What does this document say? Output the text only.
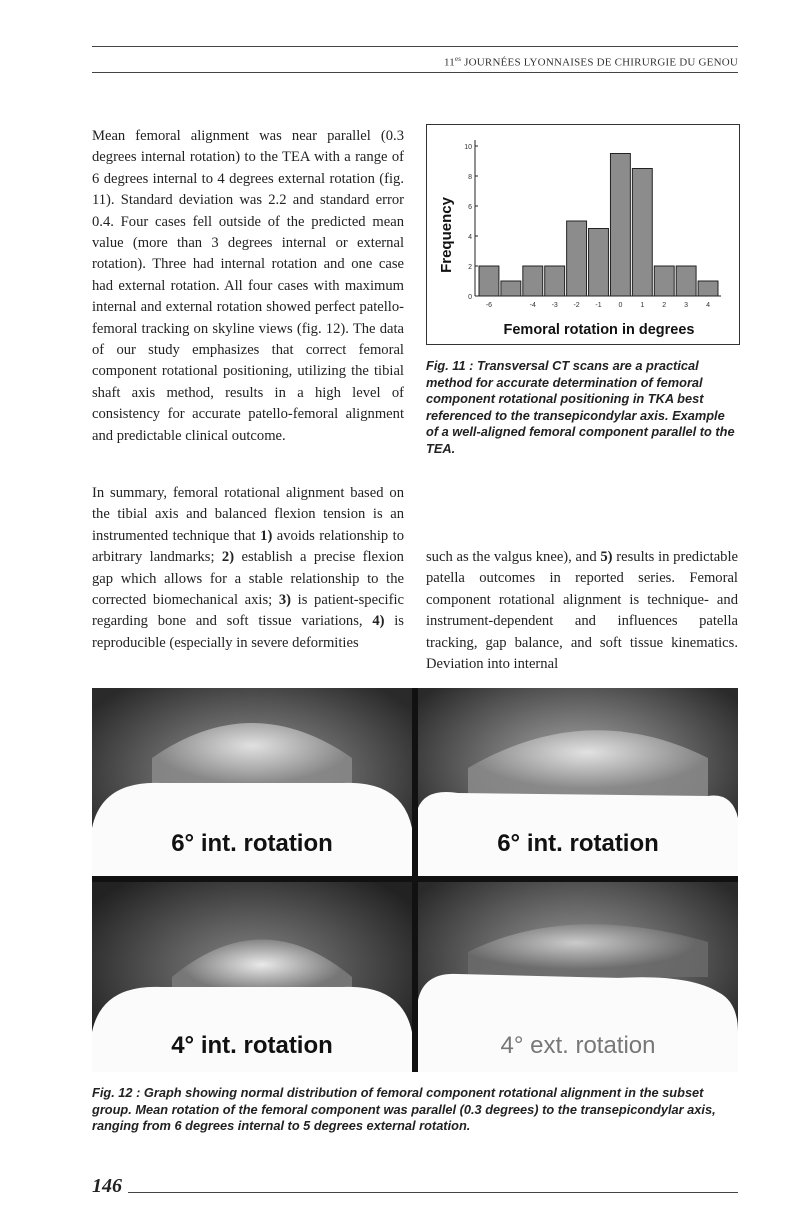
$11^{es}$ JOURNÉES LYONNAISES DE CHIRURGIE DU GENOU

Mean femoral alignment was near parallel (0.3 degrees internal rotation) to the TEA with a range of 6 degrees internal to 4 degrees external rotation (fig. 11). Standard deviation was 2.2 and standard error 0.4. Four cases fell outside of the predicted mean value (more than 3 degrees internal or external rotation). Three had internal rotation and one case had external rotation. All four cases with maximum internal and external rotation showed perfect patello-femoral tracking on skyline views (fig. 12). The data of our study emphasizes that correct femoral component rotational positioning, utilizing the tibial shaft axis method, results in a high level of consistency for accurate patello-femoral alignment and predictable clinical outcome.

In summary, femoral rotational alignment based on the tibial axis and balanced flexion tension is an instrumented technique that 1) avoids relationship to arbitrary landmarks; 2) establish a precise flexion gap which allows for a stable relationship to the corrected biomechanical axis; 3) is patient-specific regarding bone and soft tissue variations, 4) is reproducible (especially in severe deformities

Frequency
Femoral rotation in degrees
0
2
4
6
8
10
-6	-4 -3 -2 -1 0	1	2	3	4
Fig. 11 : Transversal CT scans are a practical method for accurate determination of femoral component rotational positioning in TKA best referenced to the transepicondylar axis. Example of a well-aligned femoral component parallel to the TEA.

such as the valgus knee), and 5) results in predictable patella outcomes in reported series. Femoral component rotational alignment is technique- and instrument-dependent and influences patella tracking, gap balance, and soft tissue kinematics. Deviation into internal

6° int. rotation	6° int. rotation
4° int. rotation	4° ext. rotation
Fig. 12 : Graph showing normal distribution of femoral component rotational alignment in the subset group. Mean rotation of the femoral component was parallel (0.3 degrees) to the transepicondylar axis, ranging from 6 degrees internal to 5 degrees external rotation.
146
